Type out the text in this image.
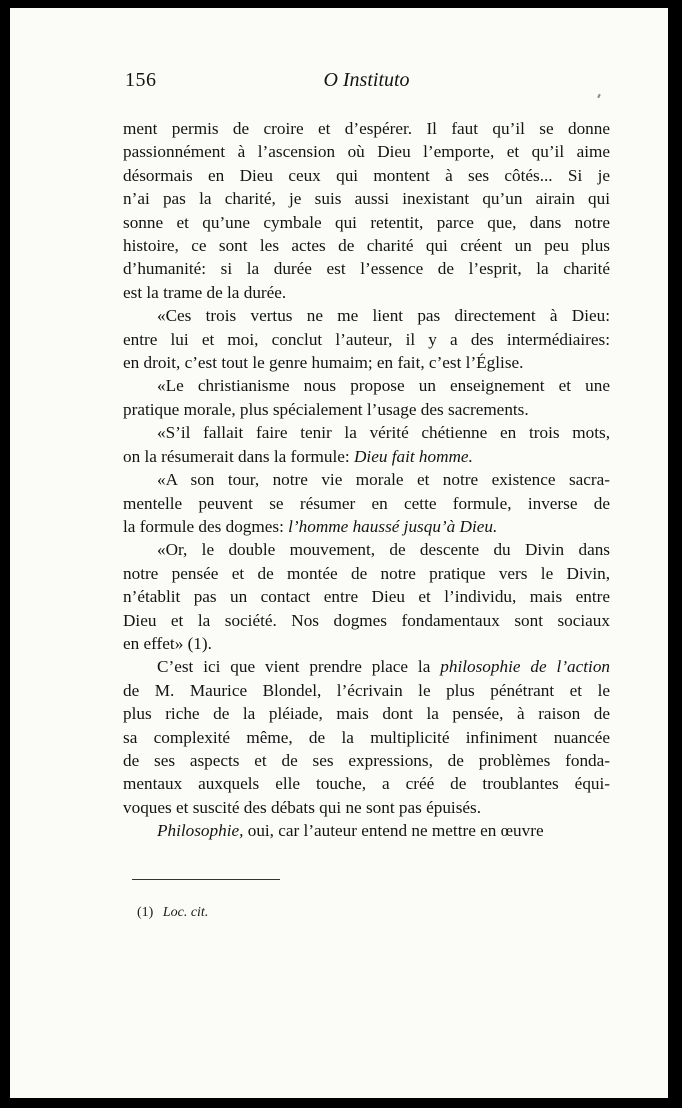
156	O Instituto

ment permis de croire et d’espérer. Il faut qu’il se donne
passionnément à l’ascension où Dieu l’emporte, et qu’il aime
désormais en Dieu ceux qui montent à ses côtés... Si je
n’ai pas la charité, je suis aussi inexistant qu’un airain qui
sonne et qu’une cymbale qui retentit, parce que, dans notre
histoire, ce sont les actes de charité qui créent un peu plus
d’humanité: si la durée est l’essence de l’esprit, la charité
est la trame de la durée.

«Ces trois vertus ne me lient pas directement à Dieu:
entre lui et moi, conclut l’auteur, il y a des intermédiaires:
en droit, c’est tout le genre humaim; en fait, c’est l’Église.

«Le christianisme nous propose un enseignement et une
pratique morale, plus spécialement l’usage des sacrements.

«S’il fallait faire tenir la vérité chétienne en trois mots,
on la résumerait dans la formule: Dieu fait homme.

«A son tour, notre vie morale et notre existence sacra-
mentelle peuvent se résumer en cette formule, inverse de
la formule des dogmes: l’homme haussé jusqu’à Dieu.

«Or, le double mouvement, de descente du Divin dans
notre pensée et de montée de notre pratique vers le Divin,
n’établit pas un contact entre Dieu et l’individu, mais entre
Dieu et la société. Nos dogmes fondamentaux sont sociaux
en effet» (1).

C’est ici que vient prendre place la philosophie de l’action
de M. Maurice Blondel, l’écrivain le plus pénétrant et le
plus riche de la pléiade, mais dont la pensée, à raison de
sa complexité même, de la multiplicité infiniment nuancée
de ses aspects et de ses expressions, de problèmes fonda-
mentaux auxquels elle touche, a créé de troublantes équi-
voques et suscité des débats qui ne sont pas épuisés.

Philosophie, oui, car l’auteur entend ne mettre en œuvre

(1) Loc. cit.
